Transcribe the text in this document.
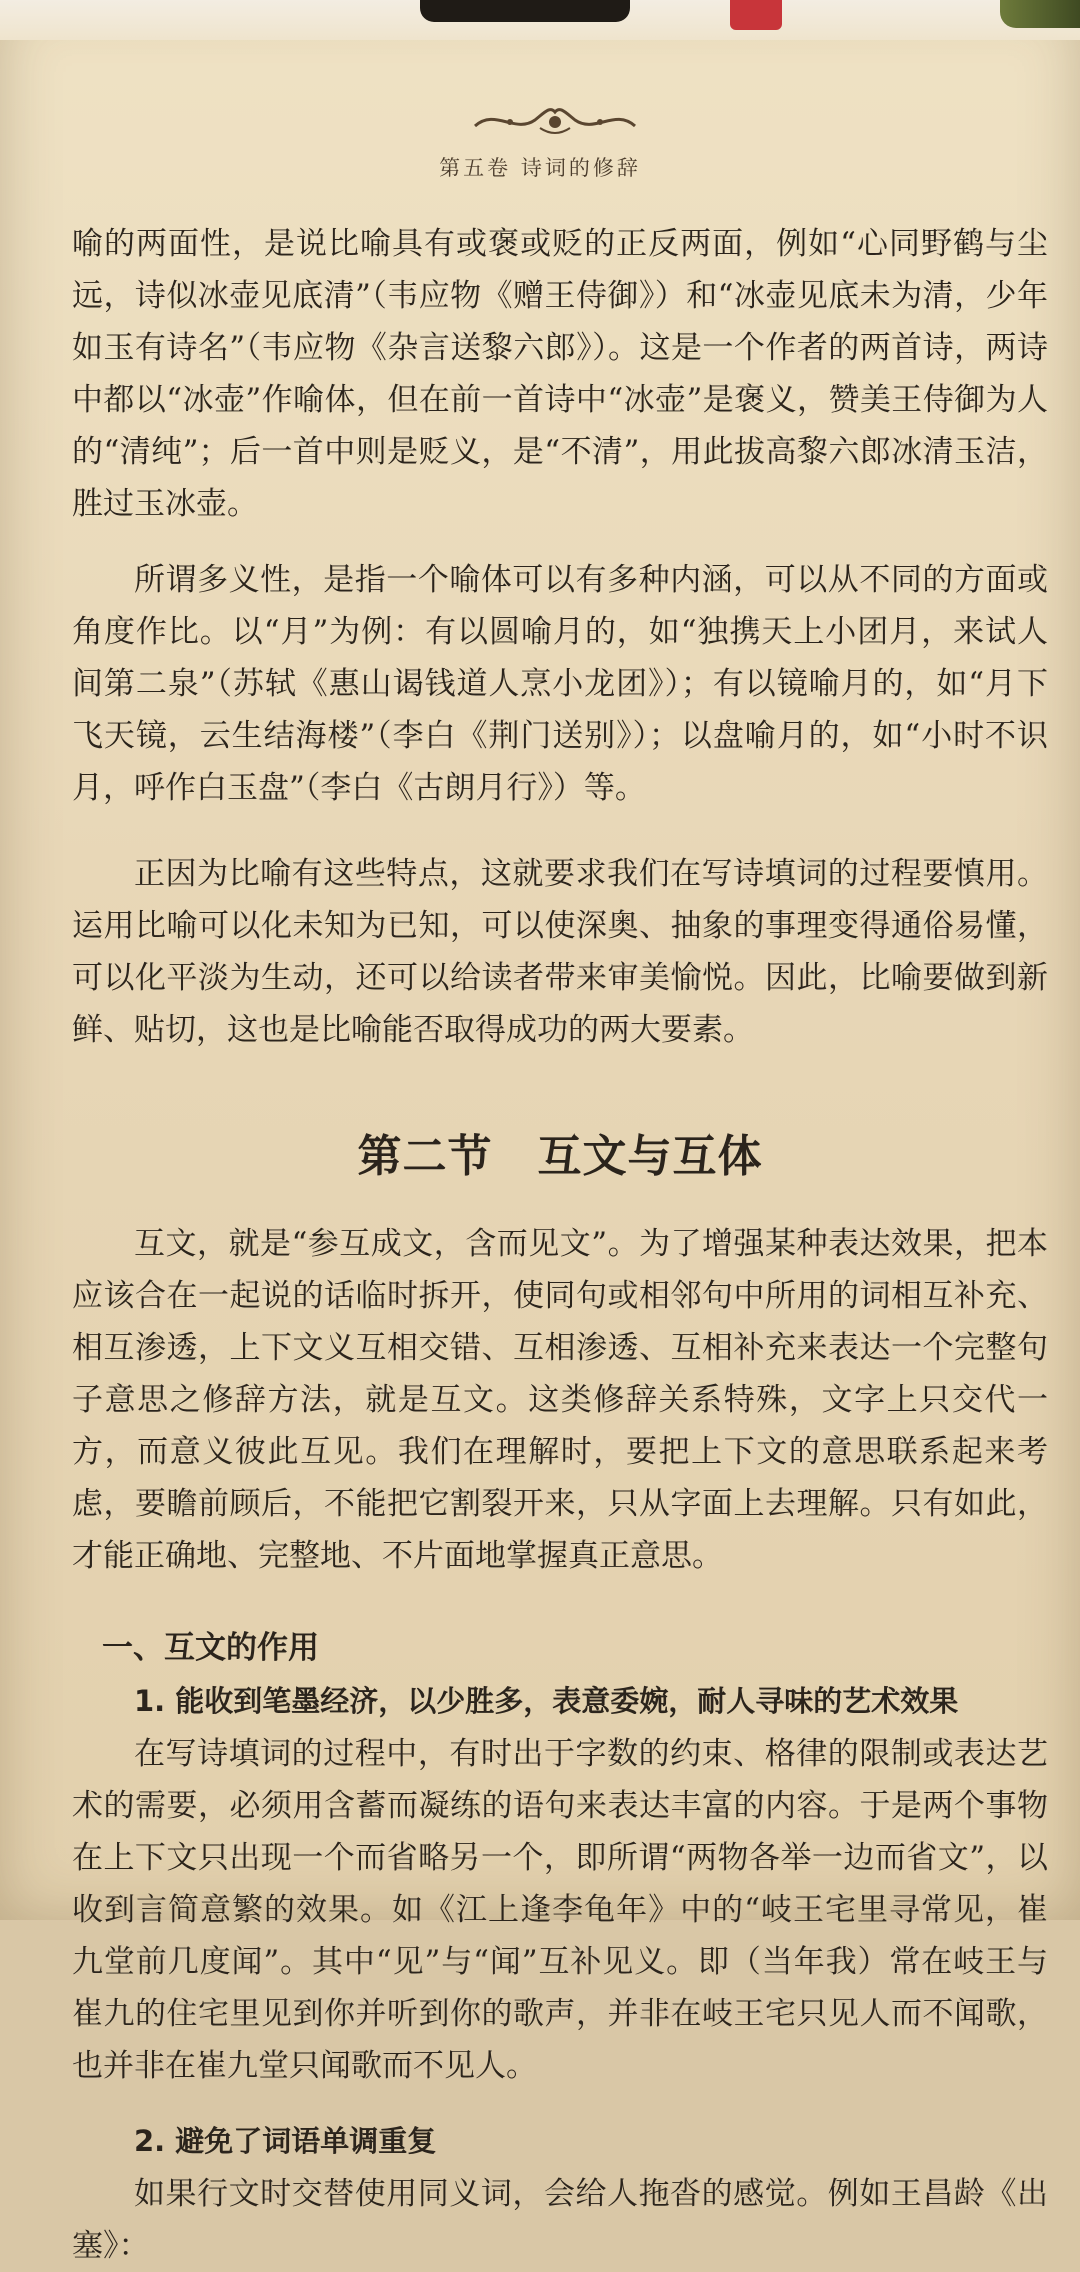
第五卷 诗词的修辞

喻的两面性，是说比喻具有或褒或贬的正反两面，例如“心同野鹤与尘远，诗似冰壶见底清”（韦应物《赠王侍御》）和“冰壶见底未为清，少年如玉有诗名”（韦应物《杂言送黎六郎》）。这是一个作者的两首诗，两诗中都以“冰壶”作喻体，但在前一首诗中“冰壶”是褒义，赞美王侍御为人的“清纯”；后一首中则是贬义，是“不清”，用此拔高黎六郎冰清玉洁，胜过玉冰壶。

所谓多义性，是指一个喻体可以有多种内涵，可以从不同的方面或角度作比。以“月”为例：有以圆喻月的，如“独携天上小团月，来试人间第二泉”（苏轼《惠山谒钱道人烹小龙团》）；有以镜喻月的，如“月下飞天镜，云生结海楼”（李白《荆门送别》）；以盘喻月的，如“小时不识月，呼作白玉盘”（李白《古朗月行》）等。

正因为比喻有这些特点，这就要求我们在写诗填词的过程要慎用。运用比喻可以化未知为已知，可以使深奥、抽象的事理变得通俗易懂，可以化平淡为生动，还可以给读者带来审美愉悦。因此，比喻要做到新鲜、贴切，这也是比喻能否取得成功的两大要素。

第二节　互文与互体

互文，就是“参互成文，含而见文”。为了增强某种表达效果，把本应该合在一起说的话临时拆开，使同句或相邻句中所用的词相互补充、相互渗透，上下文义互相交错、互相渗透、互相补充来表达一个完整句子意思之修辞方法，就是互文。这类修辞关系特殊，文字上只交代一方，而意义彼此互见。我们在理解时，要把上下文的意思联系起来考虑，要瞻前顾后，不能把它割裂开来，只从字面上去理解。只有如此，才能正确地、完整地、不片面地掌握真正意思。

一、互文的作用
1. 能收到笔墨经济，以少胜多，表意委婉，耐人寻味的艺术效果

在写诗填词的过程中，有时出于字数的约束、格律的限制或表达艺术的需要，必须用含蓄而凝练的语句来表达丰富的内容。于是两个事物在上下文只出现一个而省略另一个，即所谓“两物各举一边而省文”，以收到言简意繁的效果。如《江上逢李龟年》中的“岐王宅里寻常见，崔九堂前几度闻”。其中“见”与“闻”互补见义。即（当年我）常在岐王与崔九的住宅里见到你并听到你的歌声，并非在岐王宅只见人而不闻歌，也并非在崔九堂只闻歌而不见人。

2. 避免了词语单调重复

如果行文时交替使用同义词，会给人拖沓的感觉。例如王昌龄《出塞》：
